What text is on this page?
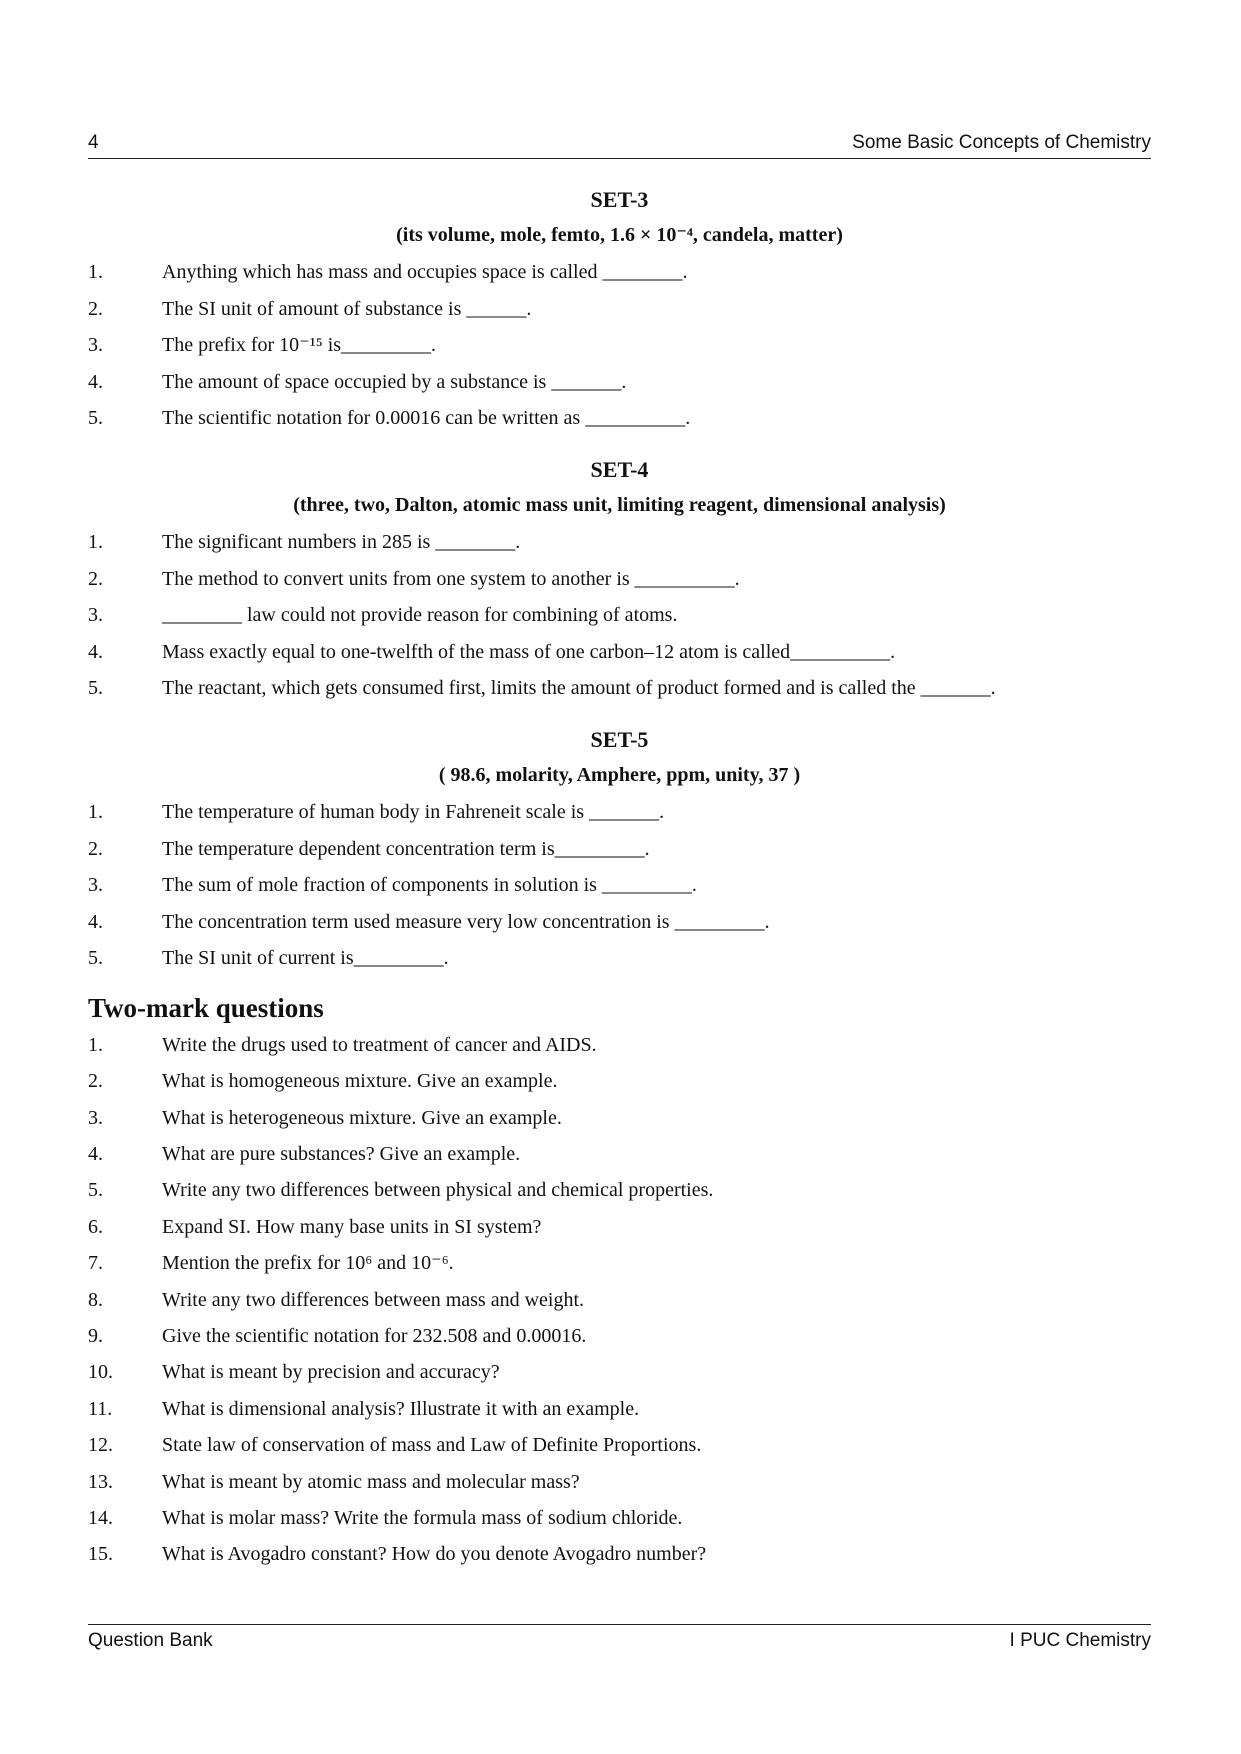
4	Some Basic Concepts of Chemistry
SET-3
(its volume, mole, femto, 1.6 × 10⁻⁴, candela, matter)
1.	Anything which has mass and occupies space is called ________.
2.	The SI unit of amount of substance is ______.
3.	The prefix for 10⁻¹⁵ is_________.
4.	The amount of space occupied by a substance is _______.
5.	The scientific notation for 0.00016 can be written as __________.
SET-4
(three, two, Dalton, atomic mass unit, limiting reagent, dimensional analysis)
1.	The significant numbers in 285 is ________.
2.	The method to convert units from one system to another is __________.
3.	________ law could not provide reason for combining of atoms.
4.	Mass exactly equal to one-twelfth of the mass of one carbon–12 atom is called__________.
5.	The reactant, which gets consumed first, limits the amount of product formed and is called the _______.
SET-5
( 98.6, molarity, Amphere, ppm, unity, 37 )
1.	The temperature of human body in Fahreneit scale is _______.
2.	The temperature dependent concentration term is_________.
3.	The sum of mole fraction of components in solution is _________.
4.	The concentration term used measure very low concentration is _________.
5.	The SI unit of current is_________.
Two-mark questions
1.	Write the drugs used to treatment of cancer and AIDS.
2.	What is homogeneous mixture. Give an example.
3.	What is heterogeneous mixture. Give an example.
4.	What are pure substances? Give an example.
5.	Write any two differences between physical and chemical properties.
6.	Expand SI. How many base units in SI system?
7.	Mention the prefix for 10⁶ and 10⁻⁶.
8.	Write any two differences between mass and weight.
9.	Give the scientific notation for 232.508 and 0.00016.
10. What is meant by precision and accuracy?
11. What is dimensional analysis? Illustrate it with an example.
12. State law of conservation of mass and Law of Definite Proportions.
13. What is meant by atomic mass and molecular mass?
14. What is molar mass? Write the formula mass of sodium chloride.
15. What is Avogadro constant? How do you denote Avogadro number?
Question Bank	I PUC Chemistry
